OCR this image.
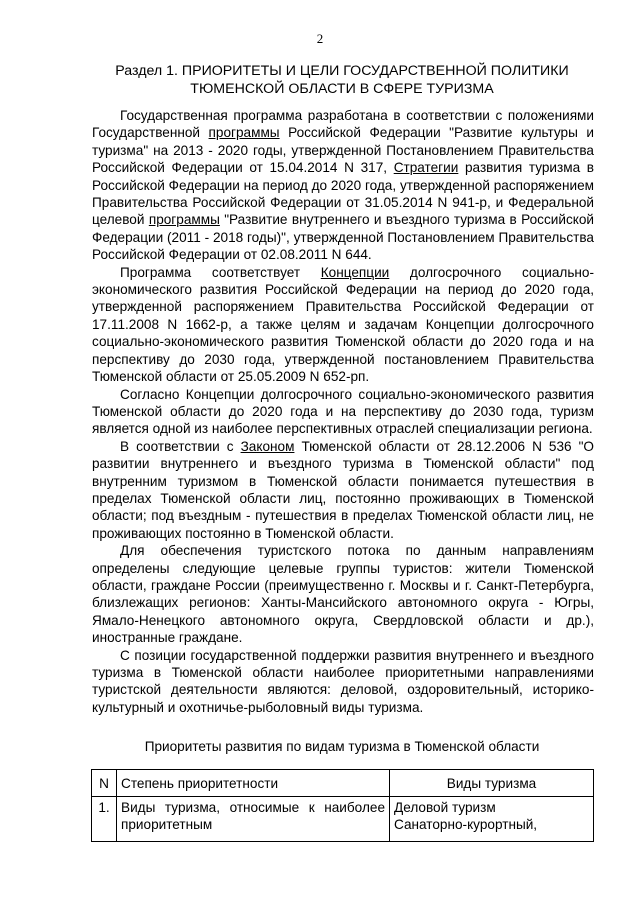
2
Раздел 1. ПРИОРИТЕТЫ И ЦЕЛИ ГОСУДАРСТВЕННОЙ ПОЛИТИКИ
ТЮМЕНСКОЙ ОБЛАСТИ В СФЕРЕ ТУРИЗМА

Государственная программа разработана в соответствии с положениями Государственной программы Российской Федерации "Развитие культуры и туризма" на 2013 - 2020 годы, утвержденной Постановлением Правительства Российской Федерации от 15.04.2014 N 317, Стратегии развития туризма в Российской Федерации на период до 2020 года, утвержденной распоряжением Правительства Российской Федерации от 31.05.2014 N 941-р, и Федеральной целевой программы "Развитие внутреннего и въездного туризма в Российской Федерации (2011 - 2018 годы)", утвержденной Постановлением Правительства Российской Федерации от 02.08.2011 N 644.

Программа соответствует Концепции долгосрочного социально-экономического развития Российской Федерации на период до 2020 года, утвержденной распоряжением Правительства Российской Федерации от 17.11.2008 N 1662-р, а также целям и задачам Концепции долгосрочного социально-экономического развития Тюменской области до 2020 года и на перспективу до 2030 года, утвержденной постановлением Правительства Тюменской области от 25.05.2009 N 652-рп.

Согласно Концепции долгосрочного социально-экономического развития Тюменской области до 2020 года и на перспективу до 2030 года, туризм является одной из наиболее перспективных отраслей специализации региона.

В соответствии с Законом Тюменской области от 28.12.2006 N 536 "О развитии внутреннего и въездного туризма в Тюменской области" под внутренним туризмом в Тюменской области понимается путешествия в пределах Тюменской области лиц, постоянно проживающих в Тюменской области; под въездным - путешествия в пределах Тюменской области лиц, не проживающих постоянно в Тюменской области.

Для обеспечения туристского потока по данным направлениям определены следующие целевые группы туристов: жители Тюменской области, граждане России (преимущественно г. Москвы и г. Санкт-Петербурга, близлежащих регионов: Ханты-Мансийского автономного округа - Югры, Ямало-Ненецкого автономного округа, Свердловской области и др.), иностранные граждане.

С позиции государственной поддержки развития внутреннего и въездного туризма в Тюменской области наиболее приоритетными направлениями туристской деятельности являются: деловой, оздоровительный, историко-культурный и охотничье-рыболовный виды туризма.

Приоритеты развития по видам туризма в Тюменской области
N	Степень приоритетности	Виды туризма
1.	Виды туризма, относимые к наиболее приоритетным	Деловой туризм
Санаторно-курортный,
